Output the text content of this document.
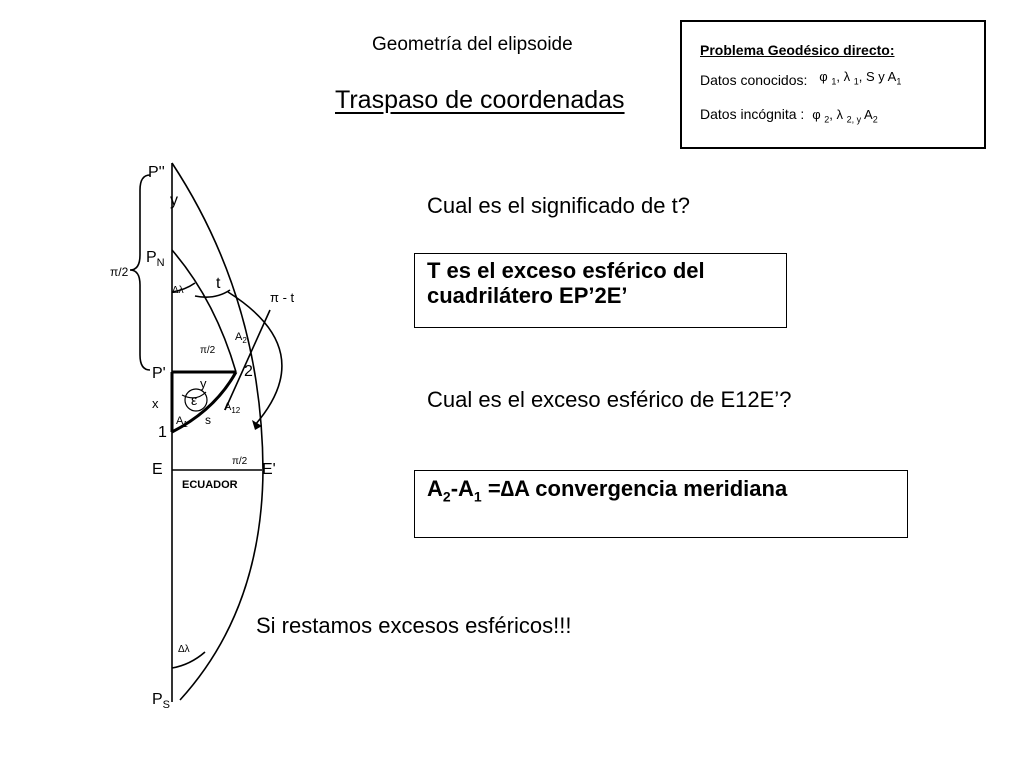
Geometría del elipsoide
Traspaso de coordenadas
Problema Geodésico directo:
Datos conocidos: φ $_1$, λ $_1$, S y $A_1$
Datos incógnita : φ $_2$, λ $_{2, y}$ $A_2$
Cual es el significado de t?
T es el exceso esférico del
cuadrilátero EP’2E’
Cual es el exceso esférico de E12E’?
$A_2-A_1 =\Delta A$ convergencia meridiana
Si restamos excesos esféricos!!!
P''
$P_N$
P'
$P_S$
E	E'
ECUADOR
π/2
π - t
t
y
y
x
s
ε
Δλ
Δλ
$A_1$
$A_2$
$A_{12}$
π/2
π/2
1
2
